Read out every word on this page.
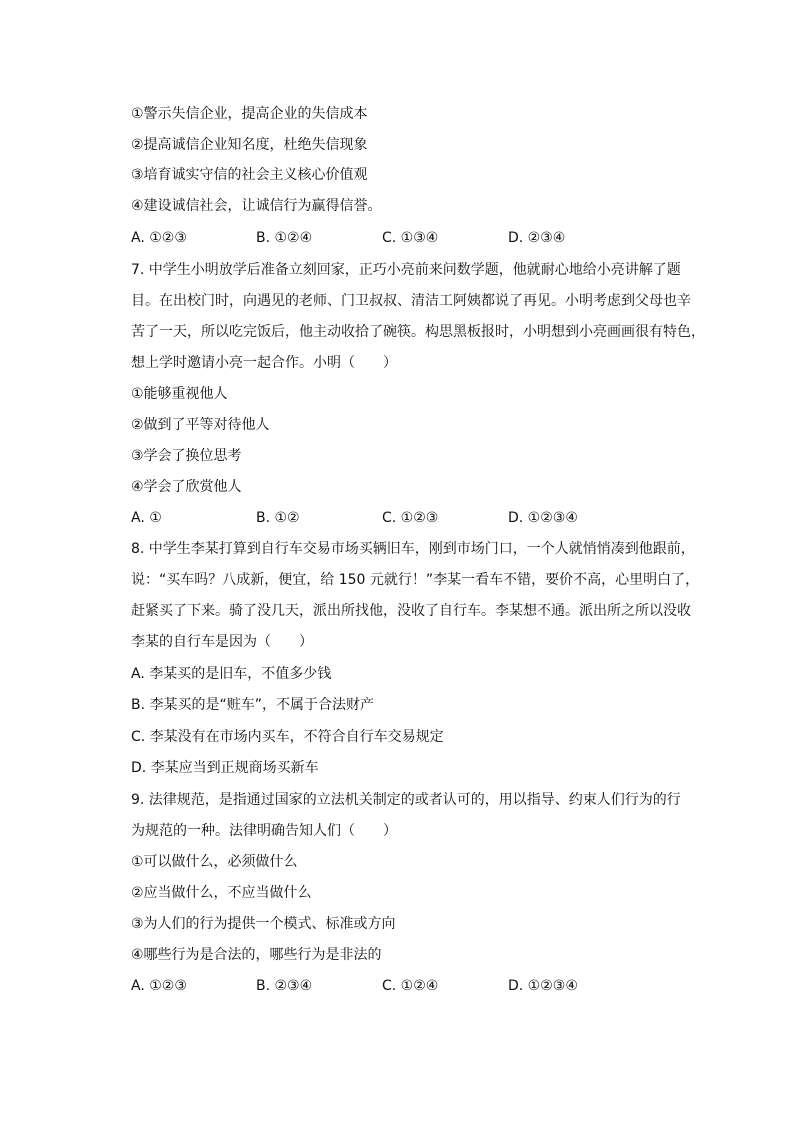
①警示失信企业，提高企业的失信成本
②提高诚信企业知名度，杜绝失信现象
③培育诚实守信的社会主义核心价值观
④建设诚信社会，让诚信行为赢得信誉。
A. ①②③	B. ①②④	C. ①③④	D. ②③④
7. 中学生小明放学后准备立刻回家，正巧小亮前来问数学题，他就耐心地给小亮讲解了题
目。在出校门时，向遇见的老师、门卫叔叔、清洁工阿姨都说了再见。小明考虑到父母也辛
苦了一天，所以吃完饭后，他主动收拾了碗筷。构思黑板报时，小明想到小亮画画很有特色，
想上学时邀请小亮一起合作。小明（　　）
①能够重视他人
②做到了平等对待他人
③学会了换位思考
④学会了欣赏他人
A. ①	B. ①②	C. ①②③	D. ①②③④
8. 中学生李某打算到自行车交易市场买辆旧车，刚到市场门口，一个人就悄悄凑到他跟前，
说：“买车吗？八成新，便宜，给 150 元就行！”李某一看车不错，要价不高，心里明白了，
赶紧买了下来。骑了没几天，派出所找他，没收了自行车。李某想不通。派出所之所以没收
李某的自行车是因为（　　）
A. 李某买的是旧车，不值多少钱
B. 李某买的是“赃车”，不属于合法财产
C. 李某没有在市场内买车，不符合自行车交易规定
D. 李某应当到正规商场买新车
9. 法律规范，是指通过国家的立法机关制定的或者认可的，用以指导、约束人们行为的行
为规范的一种。法律明确告知人们（　　）
①可以做什么，必须做什么
②应当做什么，不应当做什么
③为人们的行为提供一个模式、标准或方向
④哪些行为是合法的，哪些行为是非法的
A. ①②③	B. ②③④	C. ①②④	D. ①②③④
